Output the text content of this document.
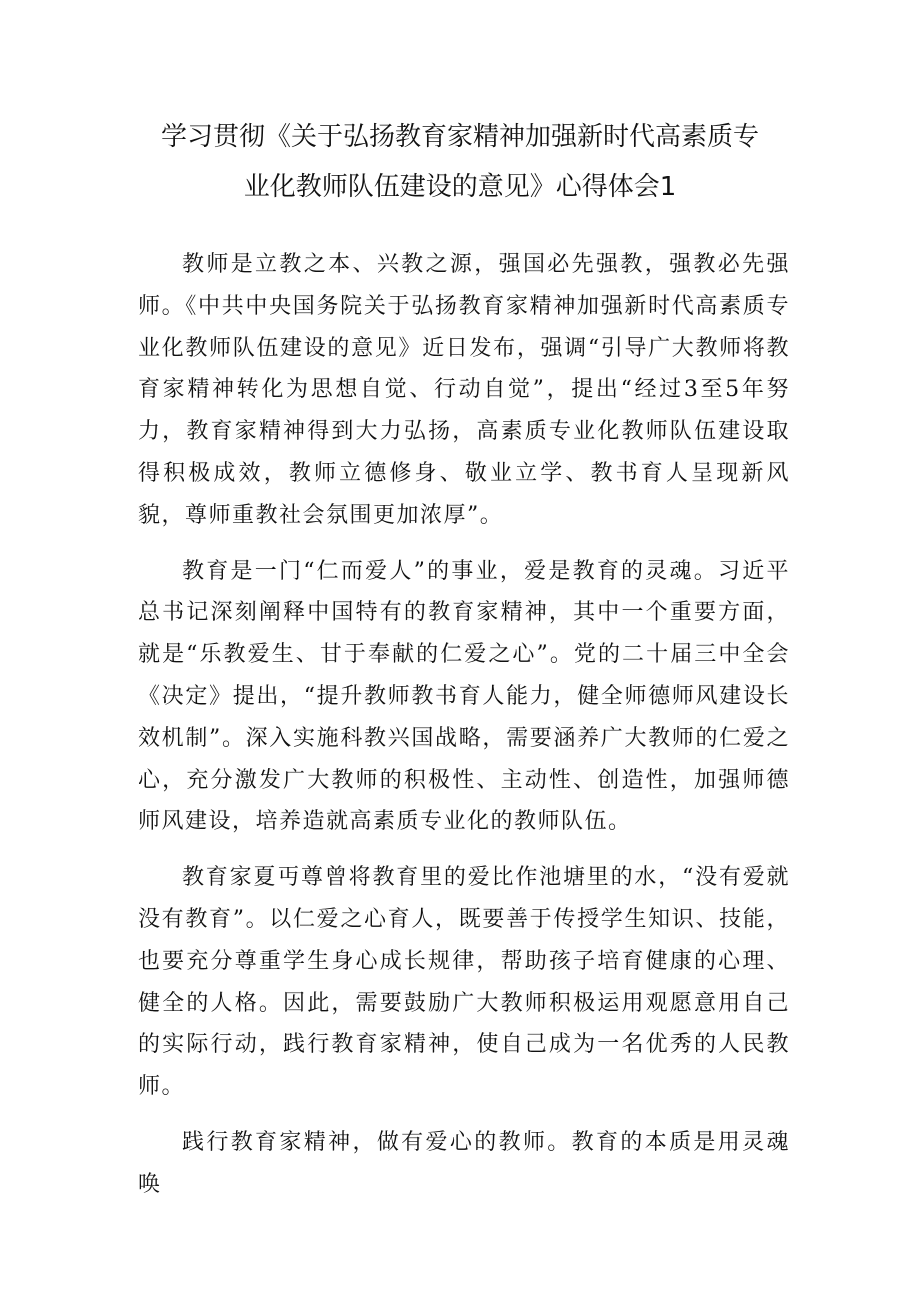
学习贯彻《关于弘扬教育家精神加强新时代高素质专
业化教师队伍建设的意见》心得体会1

教师是立教之本、兴教之源，强国必先强教，强教必先强师。《中共中央国务院关于弘扬教育家精神加强新时代高素质专业化教师队伍建设的意见》近日发布，强调“引导广大教师将教育家精神转化为思想自觉、行动自觉”，提出“经过3至5年努力，教育家精神得到大力弘扬，高素质专业化教师队伍建设取得积极成效，教师立德修身、敬业立学、教书育人呈现新风貌，尊师重教社会氛围更加浓厚”。

教育是一门“仁而爱人”的事业，爱是教育的灵魂。习近平总书记深刻阐释中国特有的教育家精神，其中一个重要方面，就是“乐教爱生、甘于奉献的仁爱之心”。党的二十届三中全会《决定》提出，“提升教师教书育人能力，健全师德师风建设长效机制”。深入实施科教兴国战略，需要涵养广大教师的仁爱之心，充分激发广大教师的积极性、主动性、创造性，加强师德师风建设，培养造就高素质专业化的教师队伍。

教育家夏丏尊曾将教育里的爱比作池塘里的水，“没有爱就没有教育”。以仁爱之心育人，既要善于传授学生知识、技能，也要充分尊重学生身心成长规律，帮助孩子培育健康的心理、健全的人格。因此，需要鼓励广大教师积极运用观愿意用自己的实际行动，践行教育家精神，使自己成为一名优秀的人民教师。

践行教育家精神，做有爱心的教师。教育的本质是用灵魂唤
